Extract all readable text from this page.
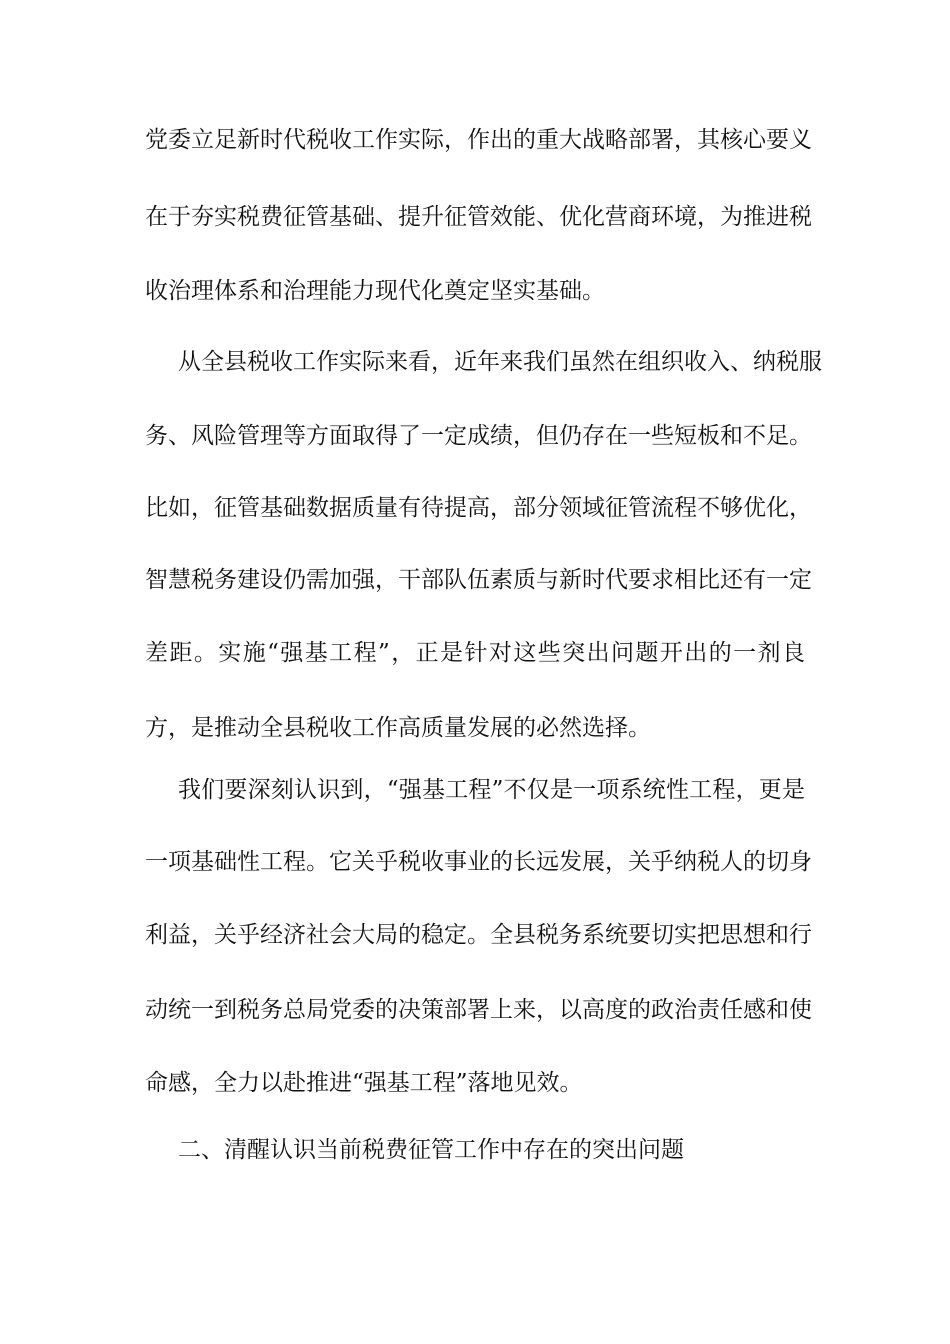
党委立足新时代税收工作实际，作出的重大战略部署，其核心要义
在于夯实税费征管基础、提升征管效能、优化营商环境，为推进税
收治理体系和治理能力现代化奠定坚实基础。
从全县税收工作实际来看，近年来我们虽然在组织收入、纳税服
务、风险管理等方面取得了一定成绩，但仍存在一些短板和不足。
比如，征管基础数据质量有待提高，部分领域征管流程不够优化，
智慧税务建设仍需加强，干部队伍素质与新时代要求相比还有一定
差距。实施“强基工程”，正是针对这些突出问题开出的一剂良
方，是推动全县税收工作高质量发展的必然选择。
我们要深刻认识到，“强基工程”不仅是一项系统性工程，更是
一项基础性工程。它关乎税收事业的长远发展，关乎纳税人的切身
利益，关乎经济社会大局的稳定。全县税务系统要切实把思想和行
动统一到税务总局党委的决策部署上来，以高度的政治责任感和使
命感，全力以赴推进“强基工程”落地见效。
二、清醒认识当前税费征管工作中存在的突出问题
